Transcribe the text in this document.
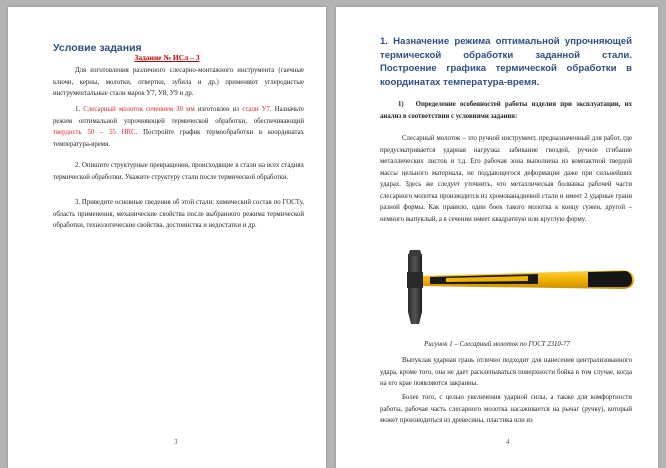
Условие задания
Задание № ИСл – 3
Для изготовления различного слесарно-монтажного инструмента (гаечные ключи, керны, молотки, отвертки, зубила и др.) применяют углеродистые инструментальные стали марок У7, У8, У9 и др.
1. Слесарный молоток сечением 30 мм изготовлен из стали У7. Назначьте режим оптимальной упрочняющей термической обработки, обеспечивающий твердость 50 – 55 HRC. Постройте график термообработки в координатах температура-время.
2. Опишите структурные превращения, происходящие в стали на всех стадиях термической обработки. Укажите структуру стали после термической обработки.
3. Приведите основные сведения об этой стали: химический состав по ГОСТу, область применения, механические свойства после выбранного режима термической обработки, технологические свойства, достоинства и недостатки и др.
3
1. Назначение режима оптимальной упрочняющей термической обработки заданной стали. Построение графика термической обработки в координатах температура-время.
1) Определение особенностей работы изделия при эксплуатации, их анализ в соответствии с условиями задания:
Слесарный молоток – это ручной инструмент, предназначенный для работ, где предусматривается ударная нагрузка: забивание гвоздей, ручное сгибание металлических листов и т.д. Его рабочая зона выполнена из компактной твердой массы цельного материала, не поддающегося деформации даже при сильнейших ударах. Здесь же следует уточнить, что металлическая болванка рабочей части слесарного молотка производится из хромованадиевой стали и имеет 2 ударные грани разной формы. Как правило, один боек такого молотка к концу сужен, другой – немного выпуклый, а в сечении имеет квадратную или круглую форму.
Рисунок 1 – Слесарный молоток по ГОСТ 2310-77
Выпуклая ударная грань отлично подходит для нанесения централизованного удара, кроме того, она не дает расклепываться поверхности бойка в том случае, когда на его крае появляются закраины.
Более того, с целью увеличения ударной силы, а также для комфортности работы, рабочая часть слесарного молотка насаживается на рычаг (ручку), который может производиться из древесины, пластика или из
4
